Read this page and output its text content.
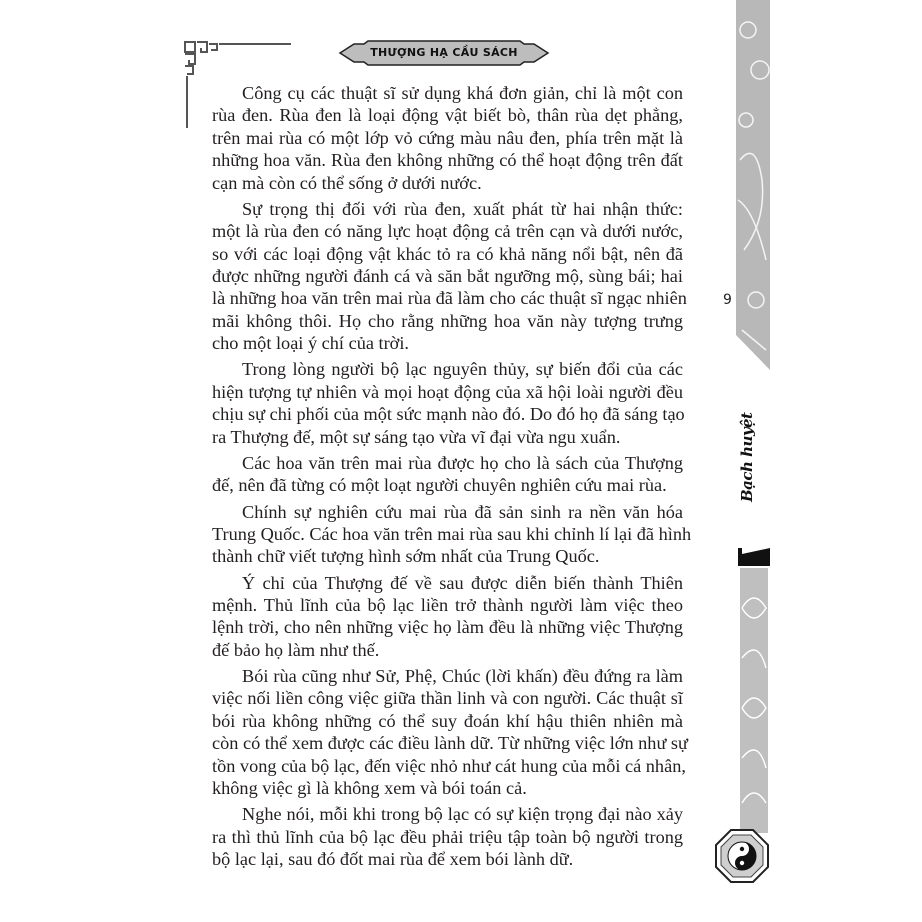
THƯỢNG HẠ CẦU SÁCH
Công cụ các thuật sĩ sử dụng khá đơn giản, chỉ là một con
rùa đen. Rùa đen là loại động vật biết bò, thân rùa dẹt phẳng,
trên mai rùa có một lớp vỏ cứng màu nâu đen, phía trên mặt là
những hoa văn. Rùa đen không những có thể hoạt động trên đất
cạn mà còn có thể sống ở dưới nước.
Sự trọng thị đối với rùa đen, xuất phát từ hai nhận thức:
một là rùa đen có năng lực hoạt động cả trên cạn và dưới nước,
so với các loại động vật khác tỏ ra có khả năng nổi bật, nên đã
được những người đánh cá và săn bắt ngưỡng mộ, sùng bái; hai
là những hoa văn trên mai rùa đã làm cho các thuật sĩ ngạc nhiên
mãi không thôi. Họ cho rằng những hoa văn này tượng trưng
cho một loại ý chí của trời.
Trong lòng người bộ lạc nguyên thủy, sự biến đổi của các
hiện tượng tự nhiên và mọi hoạt động của xã hội loài người đều
chịu sự chi phối của một sức mạnh nào đó. Do đó họ đã sáng tạo
ra Thượng đế, một sự sáng tạo vừa vĩ đại vừa ngu xuẩn.
Các hoa văn trên mai rùa được họ cho là sách của Thượng
đế, nên đã từng có một loạt người chuyên nghiên cứu mai rùa.
Chính sự nghiên cứu mai rùa đã sản sinh ra nền văn hóa
Trung Quốc. Các hoa văn trên mai rùa sau khi chỉnh lí lại đã hình
thành chữ viết tượng hình sớm nhất của Trung Quốc.
Ý chỉ của Thượng đế về sau được diễn biến thành Thiên
mệnh. Thủ lĩnh của bộ lạc liền trở thành người làm việc theo
lệnh trời, cho nên những việc họ làm đều là những việc Thượng
đế bảo họ làm như thế.
Bói rùa cũng như Sử, Phệ, Chúc (lời khấn) đều đứng ra làm
việc nối liền công việc giữa thần linh và con người. Các thuật sĩ
bói rùa không những có thể suy đoán khí hậu thiên nhiên mà
còn có thể xem được các điều lành dữ. Từ những việc lớn như sự
tồn vong của bộ lạc, đến việc nhỏ như cát hung của mỗi cá nhân,
không việc gì là không xem và bói toán cả.
Nghe nói, mỗi khi trong bộ lạc có sự kiện trọng đại nào xảy
ra thì thủ lĩnh của bộ lạc đều phải triệu tập toàn bộ người trong
bộ lạc lại, sau đó đốt mai rùa để xem bói lành dữ.
9
Bạch huyệt
